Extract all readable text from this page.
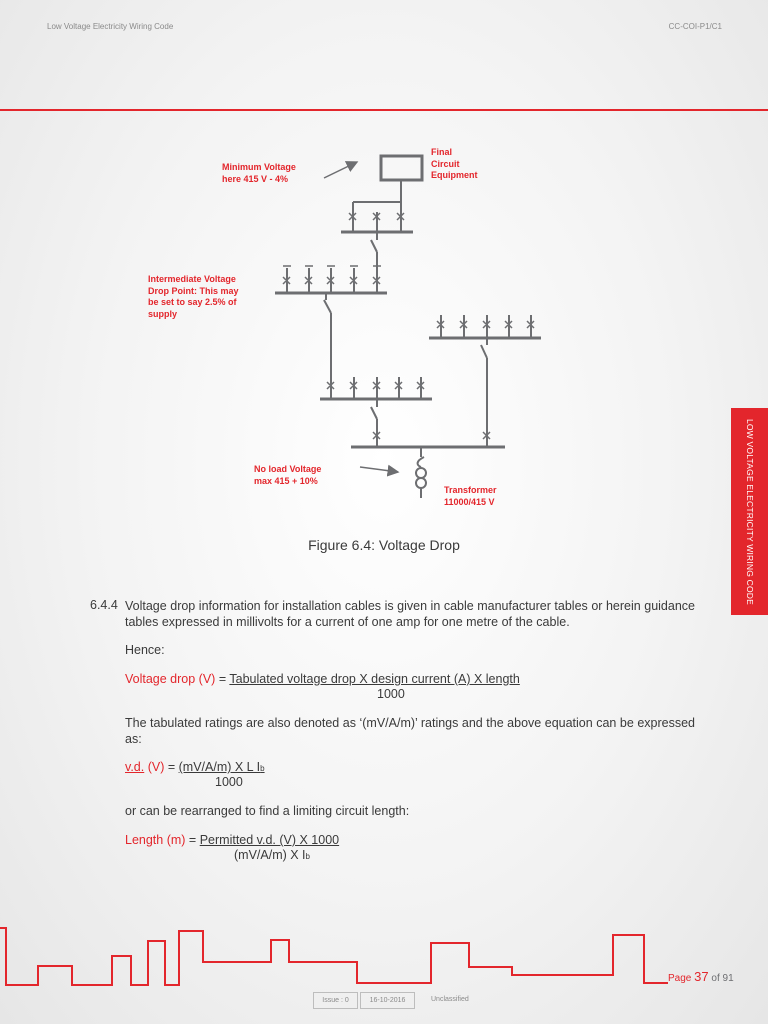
Low Voltage Electricity Wiring Code	CC-COI-P1/C1
LOW VOLTAGE ELECTRICITY WIRING CODE
Final
Circuit
Equipment
Minimum Voltage
here 415 V - 4%
Intermediate Voltage
Drop Point: This may
be set to say 2.5% of
supply
No load Voltage
max 415 + 10%
Transformer
11000/415 V
Figure 6.4: Voltage Drop
6.4.4 Voltage drop information for installation cables is given in cable manufacturer tables or herein guidance tables expressed in millivolts for a current of one amp for one metre of the cable.
Hence:
Voltage drop (V) = Tabulated voltage drop X design current (A) X length
1000
The tabulated ratings are also denoted as ‘(mV/A/m)’ ratings and the above equation can be expressed as:
v.d. (V) = (mV/A/m) X L Ib
1000
or can be rearranged to find a limiting circuit length:
Length (m) = Permitted v.d. (V) X 1000
(mV/A/m) X Ib
Page 37 of 91
Issue : 0	16-10-2016	Unclassified
